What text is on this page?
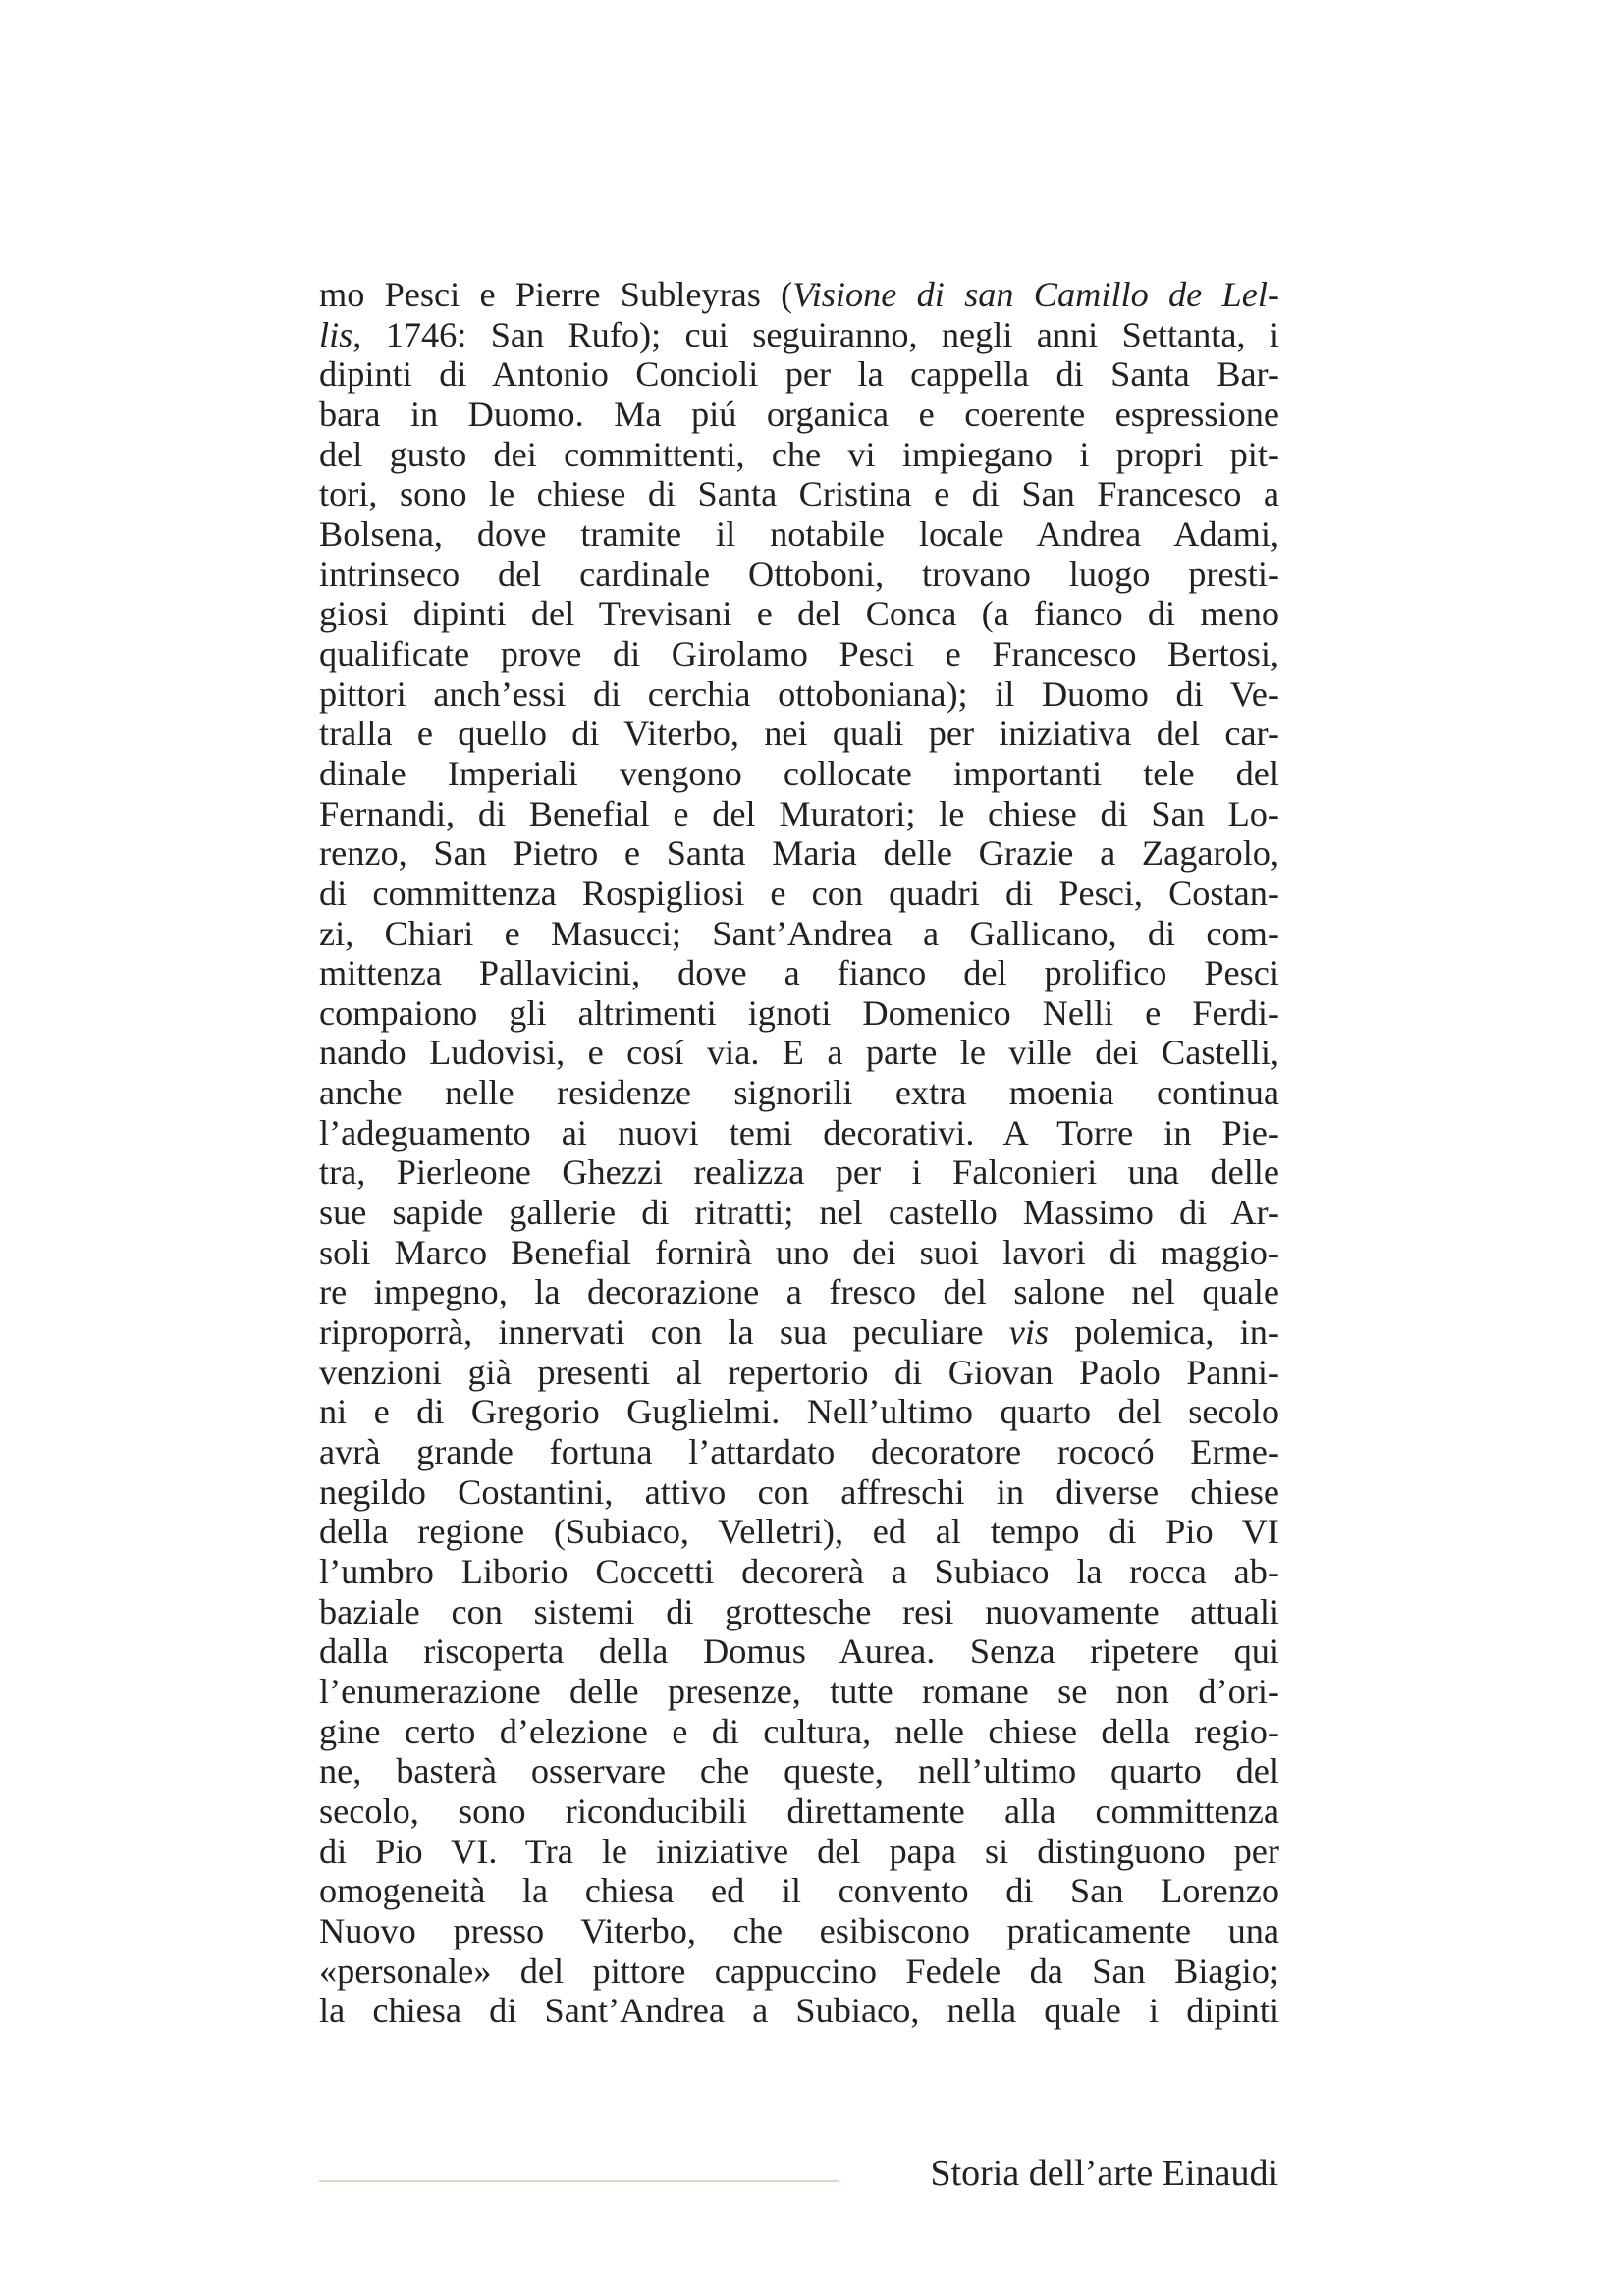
mo Pesci e Pierre Subleyras (Visione di san Camillo de Lel-
lis, 1746: San Rufo); cui seguiranno, negli anni Settanta, i
dipinti di Antonio Concioli per la cappella di Santa Bar-
bara in Duomo. Ma piú organica e coerente espressione
del gusto dei committenti, che vi impiegano i propri pit-
tori, sono le chiese di Santa Cristina e di San Francesco a
Bolsena, dove tramite il notabile locale Andrea Adami,
intrinseco del cardinale Ottoboni, trovano luogo presti-
giosi dipinti del Trevisani e del Conca (a fianco di meno
qualificate prove di Girolamo Pesci e Francesco Bertosi,
pittori anch’essi di cerchia ottoboniana); il Duomo di Ve-
tralla e quello di Viterbo, nei quali per iniziativa del car-
dinale Imperiali vengono collocate importanti tele del
Fernandi, di Benefial e del Muratori; le chiese di San Lo-
renzo, San Pietro e Santa Maria delle Grazie a Zagarolo,
di committenza Rospigliosi e con quadri di Pesci, Costan-
zi, Chiari e Masucci; Sant’Andrea a Gallicano, di com-
mittenza Pallavicini, dove a fianco del prolifico Pesci
compaiono gli altrimenti ignoti Domenico Nelli e Ferdi-
nando Ludovisi, e cosí via. E a parte le ville dei Castelli,
anche nelle residenze signorili extra moenia continua
l’adeguamento ai nuovi temi decorativi. A Torre in Pie-
tra, Pierleone Ghezzi realizza per i Falconieri una delle
sue sapide gallerie di ritratti; nel castello Massimo di Ar-
soli Marco Benefial fornirà uno dei suoi lavori di maggio-
re impegno, la decorazione a fresco del salone nel quale
riproporrà, innervati con la sua peculiare vis polemica, in-
venzioni già presenti al repertorio di Giovan Paolo Panni-
ni e di Gregorio Guglielmi. Nell’ultimo quarto del secolo
avrà grande fortuna l’attardato decoratore rococó Erme-
negildo Costantini, attivo con affreschi in diverse chiese
della regione (Subiaco, Velletri), ed al tempo di Pio VI
l’umbro Liborio Coccetti decorerà a Subiaco la rocca ab-
baziale con sistemi di grottesche resi nuovamente attuali
dalla riscoperta della Domus Aurea. Senza ripetere qui
l’enumerazione delle presenze, tutte romane se non d’ori-
gine certo d’elezione e di cultura, nelle chiese della regio-
ne, basterà osservare che queste, nell’ultimo quarto del
secolo, sono riconducibili direttamente alla committenza
di Pio VI. Tra le iniziative del papa si distinguono per
omogeneità la chiesa ed il convento di San Lorenzo
Nuovo presso Viterbo, che esibiscono praticamente una
«personale» del pittore cappuccino Fedele da San Biagio;
la chiesa di Sant’Andrea a Subiaco, nella quale i dipinti
Storia dell’arte Einaudi
